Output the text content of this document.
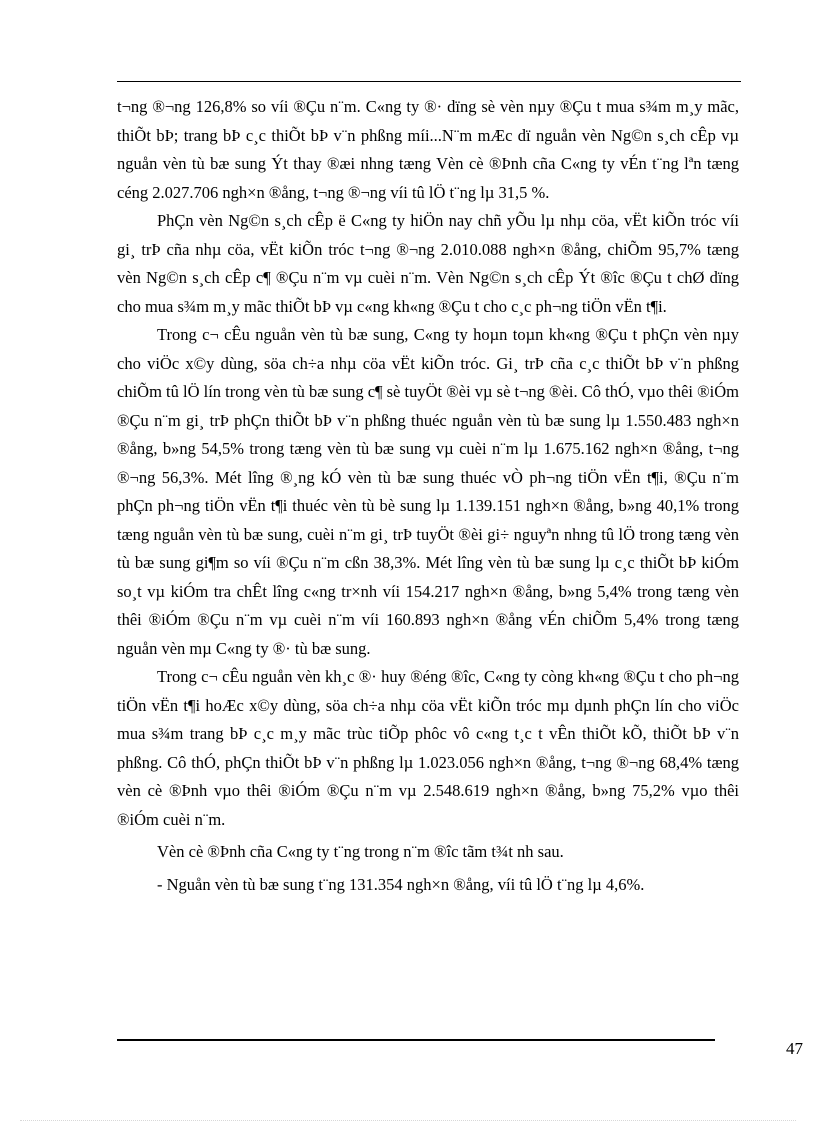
t¬ng ®¬ng 126,8% so víi ®Çu n¨m. C«ng ty ®· dïng sè vèn nµy ®Çu t mua s¾m m¸y mãc, thiÕt bÞ; trang bÞ c¸c thiÕt bÞ v¨n phßng míi...N¨m mÆc dï nguån vèn Ng©n s¸ch cÊp vµ nguån vèn tù bæ sung Ýt thay ®æi nhng tæng Vèn cè ®Þnh cña C«ng ty vÉn t¨ng lªn tæng céng 2.027.706 ngh×n ®ång, t¬ng ®¬ng víi tû lÖ t¨ng lµ 31,5 %.

PhÇn vèn Ng©n s¸ch cÊp ë C«ng ty hiÖn nay chñ yÕu lµ nhµ cöa, vËt kiÕn tróc víi gi¸ trÞ cña nhµ cöa, vËt kiÕn tróc t¬ng ®¬ng 2.010.088 ngh×n ®ång, chiÕm 95,7% tæng vèn Ng©n s¸ch cÊp c¶ ®Çu n¨m vµ cuèi n¨m. Vèn Ng©n s¸ch cÊp Ýt ®îc ®Çu t chØ dïng cho mua s¾m m¸y mãc thiÕt bÞ vµ c«ng kh«ng ®Çu t cho c¸c ph¬ng tiÖn vËn t¶i.

Trong c¬ cÊu nguån vèn tù bæ sung, C«ng ty hoµn toµn kh«ng ®Çu t phÇn vèn nµy cho viÖc x©y dùng, söa ch÷a nhµ cöa vËt kiÕn tróc. Gi¸ trÞ cña c¸c thiÕt bÞ v¨n phßng chiÕm tû lÖ lín trong vèn tù bæ sung c¶ sè tuyÖt ®èi vµ sè t¬ng ®èi. Cô thÓ, vµo thêi ®iÓm ®Çu n¨m gi¸ trÞ phÇn thiÕt bÞ v¨n phßng thuéc nguån vèn tù bæ sung lµ 1.550.483 ngh×n ®ång, b»ng 54,5% trong tæng vèn tù bæ sung vµ cuèi n¨m lµ 1.675.162 ngh×n ®ång, t¬ng ®¬ng 56,3%. Mét lîng ®¸ng kÓ vèn tù bæ sung thuéc vÒ ph¬ng tiÖn vËn t¶i, ®Çu n¨m phÇn ph¬ng tiÖn vËn t¶i thuéc vèn tù bè sung lµ 1.139.151 ngh×n ®ång, b»ng 40,1% trong tæng nguån vèn tù bæ sung, cuèi n¨m gi¸ trÞ tuyÖt ®èi gi÷ nguyªn nhng tû lÖ trong tæng vèn tù bæ sung gi¶m so víi ®Çu n¨m cßn 38,3%. Mét lîng vèn tù bæ sung lµ c¸c thiÕt bÞ kiÓm so¸t vµ kiÓm tra chÊt lîng c«ng tr×nh víi 154.217 ngh×n ®ång, b»ng 5,4% trong tæng vèn thêi ®iÓm ®Çu n¨m vµ cuèi n¨m víi 160.893 ngh×n ®ång vÉn chiÕm 5,4% trong tæng nguån vèn mµ C«ng ty ®· tù bæ sung.

Trong c¬ cÊu nguån vèn kh¸c ®· huy ®éng ®îc, C«ng ty còng kh«ng ®Çu t cho ph¬ng tiÖn vËn t¶i hoÆc x©y dùng, söa ch÷a nhµ cöa vËt kiÕn tróc mµ dµnh phÇn lín cho viÖc mua s¾m trang bÞ c¸c m¸y mãc trùc tiÕp phôc vô c«ng t¸c t vÊn thiÕt kÕ, thiÕt bÞ v¨n phßng. Cô thÓ, phÇn thiÕt bÞ v¨n phßng lµ 1.023.056 ngh×n ®ång, t¬ng ®¬ng 68,4% tæng vèn cè ®Þnh vµo thêi ®iÓm ®Çu n¨m vµ 2.548.619 ngh×n ®ång, b»ng 75,2% vµo thêi ®iÓm cuèi n¨m.

Vèn cè ®Þnh cña C«ng ty t¨ng trong n¨m ®îc tãm t¾t nh sau.

- Nguån vèn tù bæ sung t¨ng 131.354 ngh×n ®ång, víi tû lÖ t¨ng lµ 4,6%.

47
